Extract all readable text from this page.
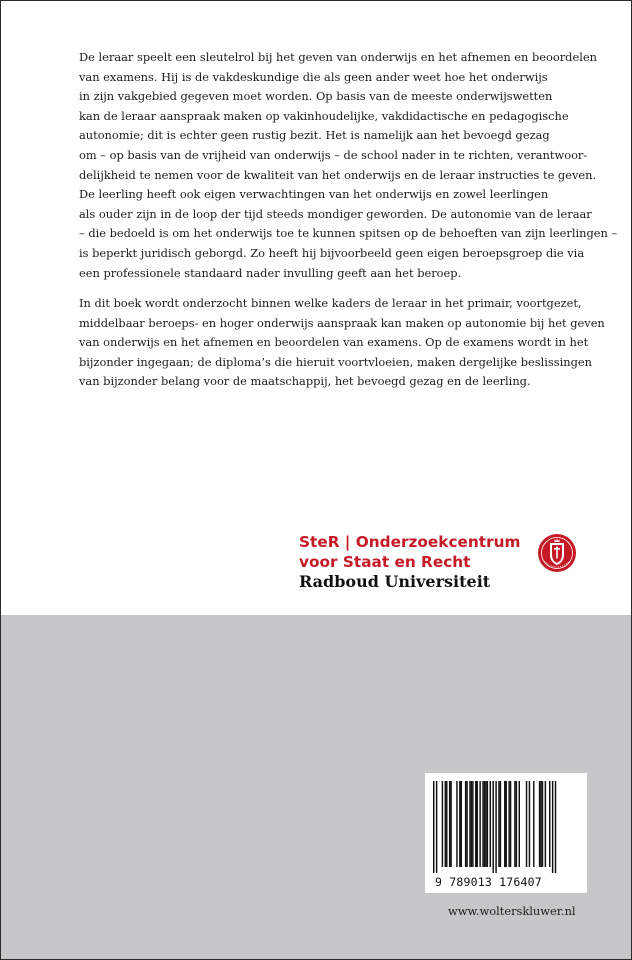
De leraar speelt een sleutelrol bij het geven van onderwijs en het afnemen en beoordelen
van examens. Hij is de vakdeskundige die als geen ander weet hoe het onderwijs
in zijn vakgebied gegeven moet worden. Op basis van de meeste onderwijswetten
kan de leraar aanspraak maken op vakinhoudelijke, vakdidactische en pedagogische
autonomie; dit is echter geen rustig bezit. Het is namelijk aan het bevoegd gezag
om – op basis van de vrijheid van onderwijs – de school nader in te richten, verantwoor-
delijkheid te nemen voor de kwaliteit van het onderwijs en de leraar instructies te geven.
De leerling heeft ook eigen verwachtingen van het onderwijs en zowel leerlingen
als ouder zijn in de loop der tijd steeds mondiger geworden. De autonomie van de leraar
– die bedoeld is om het onderwijs toe te kunnen spitsen op de behoeften van zijn leerlingen –
is beperkt juridisch geborgd. Zo heeft hij bijvoorbeeld geen eigen beroepsgroep die via
een professionele standaard nader invulling geeft aan het beroep.
In dit boek wordt onderzocht binnen welke kaders de leraar in het primair, voortgezet,
middelbaar beroeps- en hoger onderwijs aanspraak kan maken op autonomie bij het geven
van onderwijs en het afnemen en beoordelen van examens. Op de examens wordt in het
bijzonder ingegaan; de diploma’s die hieruit voortvloeien, maken dergelijke beslissingen
van bijzonder belang voor de maatschappij, het bevoegd gezag en de leerling.
SteR | Onderzoekcentrum
voor Staat en Recht
Radboud Universiteit
9 789013 176407
www.wolterskluwer.nl
